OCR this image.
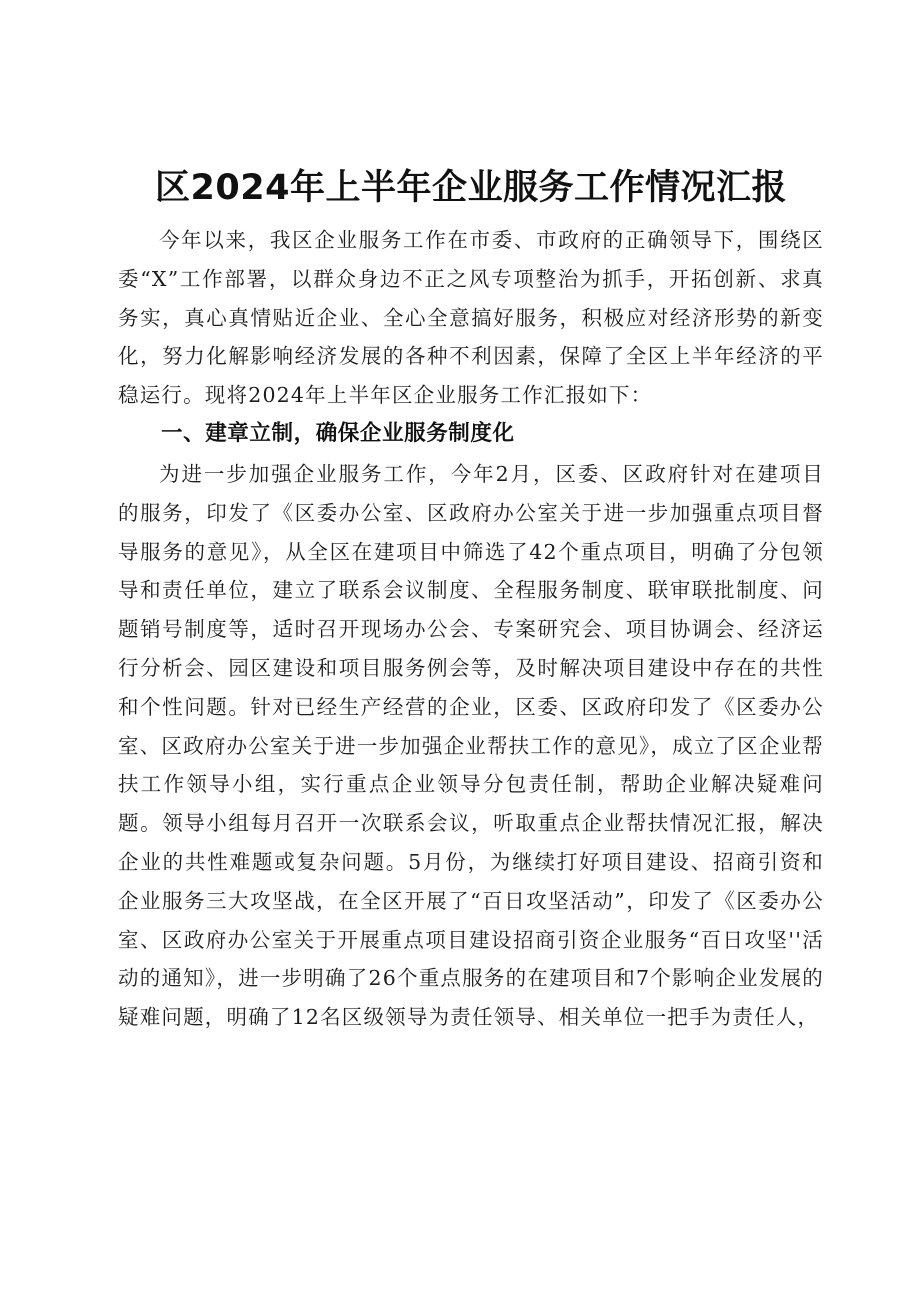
区2024年上半年企业服务工作情况汇报

今年以来，我区企业服务工作在市委、市政府的正确领导下，围绕区委“X”工作部署，以群众身边不正之风专项整治为抓手，开拓创新、求真务实，真心真情贴近企业、全心全意搞好服务，积极应对经济形势的新变化，努力化解影响经济发展的各种不利因素，保障了全区上半年经济的平稳运行。现将2024年上半年区企业服务工作汇报如下：

一、建章立制，确保企业服务制度化

为进一步加强企业服务工作，今年2月，区委、区政府针对在建项目的服务，印发了《区委办公室、区政府办公室关于进一步加强重点项目督导服务的意见》，从全区在建项目中筛选了42个重点项目，明确了分包领导和责任单位，建立了联系会议制度、全程服务制度、联审联批制度、问题销号制度等，适时召开现场办公会、专案研究会、项目协调会、经济运行分析会、园区建设和项目服务例会等，及时解决项目建设中存在的共性和个性问题。针对已经生产经营的企业，区委、区政府印发了《区委办公室、区政府办公室关于进一步加强企业帮扶工作的意见》，成立了区企业帮扶工作领导小组，实行重点企业领导分包责任制，帮助企业解决疑难问题。领导小组每月召开一次联系会议，听取重点企业帮扶情况汇报，解决企业的共性难题或复杂问题。5月份，为继续打好项目建设、招商引资和企业服务三大攻坚战，在全区开展了“百日攻坚活动”，印发了《区委办公室、区政府办公室关于开展重点项目建设招商引资企业服务“百日攻坚''活动的通知》，进一步明确了26个重点服务的在建项目和7个影响企业发展的疑难问题，明确了12名区级领导为责任领导、相关单位一把手为责任人，
